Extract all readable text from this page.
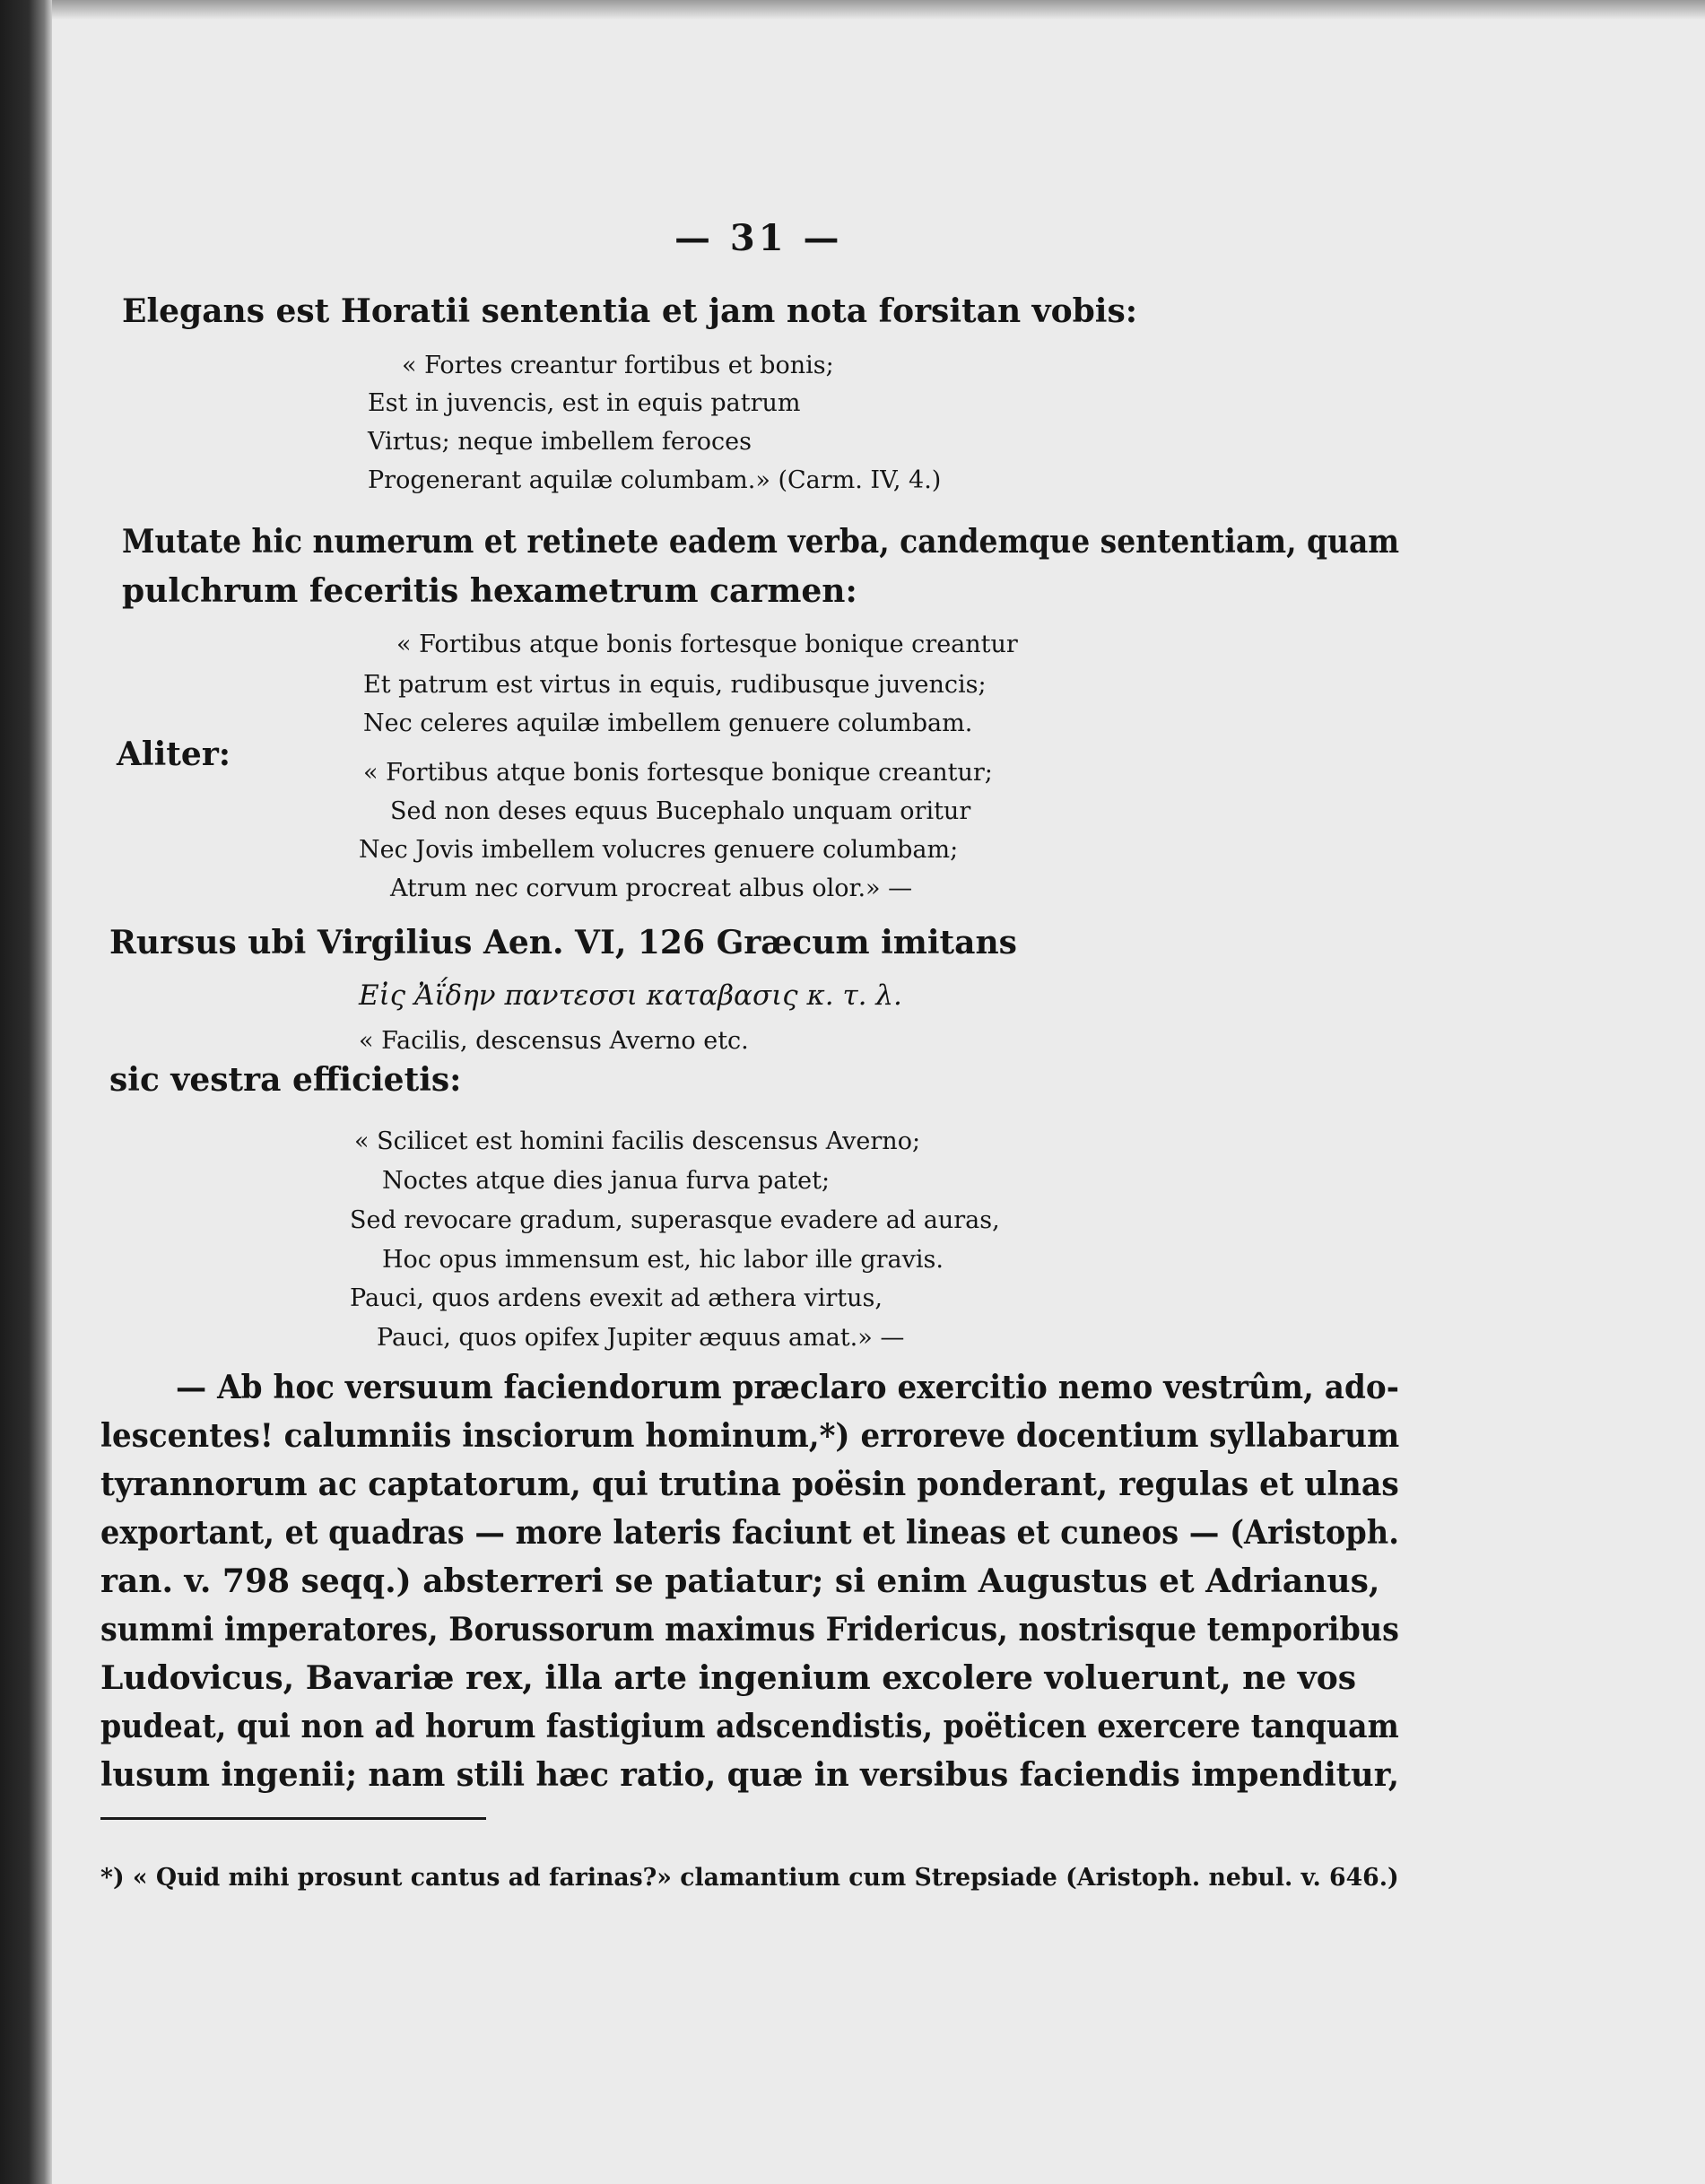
— 31 —
Elegans est Horatii sententia et jam nota forsitan vobis:
« Fortes creantur fortibus et bonis;
Est in juvencis, est in equis patrum
Virtus; neque imbellem feroces
Progenerant aquilæ columbam.» (Carm. IV, 4.)
Mutate hic numerum et retinete eadem verba, candemque sententiam, quam
pulchrum feceritis hexametrum carmen:
« Fortibus atque bonis fortesque bonique creantur
Et patrum est virtus in equis, rudibusque juvencis;
Nec celeres aquilæ imbellem genuere columbam.
Aliter:	« Fortibus atque bonis fortesque bonique creantur;
Sed non deses equus Bucephalo unquam oritur
Nec Jovis imbellem volucres genuere columbam;
Atrum nec corvum procreat albus olor.» —
Rursus ubi Virgilius Aen. VI, 126 Græcum imitans
Εἰς Ἀΐδην παντεσσι καταβασις κ. τ. λ.
« Facilis, descensus Averno etc.
sic vestra efficietis:
« Scilicet est homini facilis descensus Averno;
Noctes atque dies janua furva patet;
Sed revocare gradum, superasque evadere ad auras,
Hoc opus immensum est, hic labor ille gravis.
Pauci, quos ardens evexit ad æthera virtus,
Pauci, quos opifex Jupiter æquus amat.» —
— Ab hoc versuum faciendorum præclaro exercitio nemo vestrûm, ado-
lescentes! calumniis insciorum hominum,*) erroreve docentium syllabarum
tyrannorum ac captatorum, qui trutina poësin ponderant, regulas et ulnas
exportant, et quadras — more lateris faciunt et lineas et cuneos — (Aristoph.
ran. v. 798 seqq.) absterreri se patiatur; si enim Augustus et Adrianus,
summi imperatores, Borussorum maximus Fridericus, nostrisque temporibus
Ludovicus, Bavariæ rex, illa arte ingenium excolere voluerunt, ne vos
pudeat, qui non ad horum fastigium adscendistis, poëticen exercere tanquam
lusum ingenii; nam stili hæc ratio, quæ in versibus faciendis impenditur,
*) « Quid mihi prosunt cantus ad farinas?» clamantium cum Strepsiade (Aristoph. nebul. v. 646.)
